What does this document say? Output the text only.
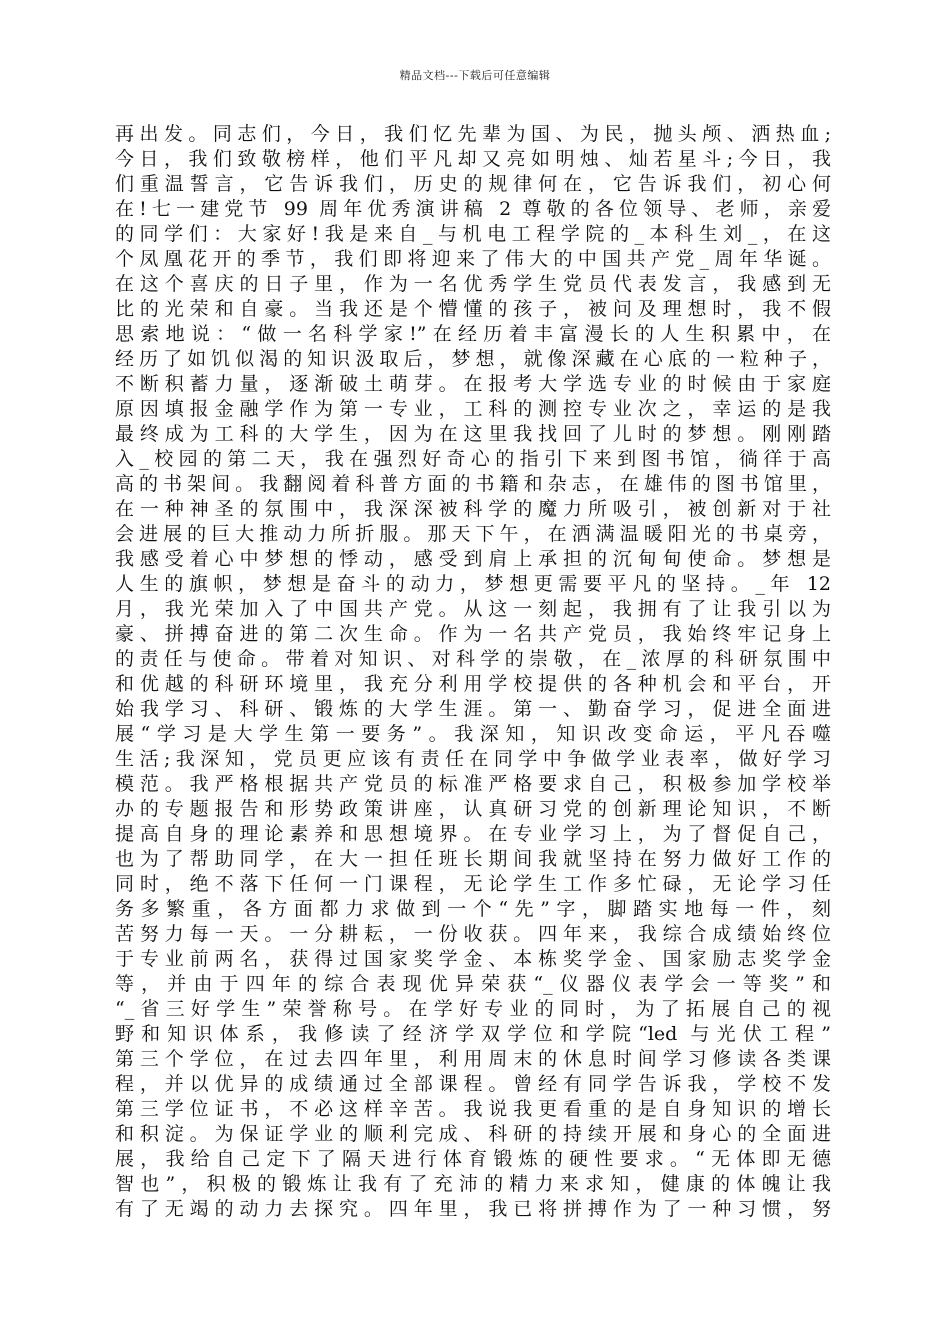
精品文档---下载后可任意编辑
再出发。同志们，今日，我们忆先辈为国、为民，抛头颅、洒热血;
今日，我们致敬榜样，他们平凡却又亮如明烛、灿若星斗;今日，我
们重温誓言，它告诉我们，历史的规律何在，它告诉我们，初心何
在!七一建党节 99 周年优秀演讲稿 2 尊敬的各位领导、老师，亲爱
的同学们：大家好!我是来自_与机电工程学院的_本科生刘_，在这
个凤凰花开的季节，我们即将迎来了伟大的中国共产党_周年华诞。
在这个喜庆的日子里，作为一名优秀学生党员代表发言，我感到无
比的光荣和自豪。当我还是个懵懂的孩子，被问及理想时，我不假
思索地说：“做一名科学家!”在经历着丰富漫长的人生积累中，在
经历了如饥似渴的知识汲取后，梦想，就像深藏在心底的一粒种子，
不断积蓄力量，逐渐破土萌芽。在报考大学选专业的时候由于家庭
原因填报金融学作为第一专业，工科的测控专业次之，幸运的是我
最终成为工科的大学生，因为在这里我找回了儿时的梦想。刚刚踏
入_校园的第二天，我在强烈好奇心的指引下来到图书馆，徜徉于高
高的书架间。我翻阅着科普方面的书籍和杂志，在雄伟的图书馆里，
在一种神圣的氛围中，我深深被科学的魔力所吸引，被创新对于社
会进展的巨大推动力所折服。那天下午，在洒满温暖阳光的书桌旁，
我感受着心中梦想的悸动，感受到肩上承担的沉甸甸使命。梦想是
人生的旗帜，梦想是奋斗的动力，梦想更需要平凡的坚持。_年 12
月，我光荣加入了中国共产党。从这一刻起，我拥有了让我引以为
豪、拼搏奋进的第二次生命。作为一名共产党员，我始终牢记身上
的责任与使命。带着对知识、对科学的崇敬，在_浓厚的科研氛围中
和优越的科研环境里，我充分利用学校提供的各种机会和平台，开
始我学习、科研、锻炼的大学生涯。第一、勤奋学习，促进全面进
展“学习是大学生第一要务”。我深知，知识改变命运，平凡吞噬
生活;我深知，党员更应该有责任在同学中争做学业表率，做好学习
模范。我严格根据共产党员的标准严格要求自己，积极参加学校举
办的专题报告和形势政策讲座，认真研习党的创新理论知识，不断
提高自身的理论素养和思想境界。在专业学习上，为了督促自己，
也为了帮助同学，在大一担任班长期间我就坚持在努力做好工作的
同时，绝不落下任何一门课程，无论学生工作多忙碌，无论学习任
务多繁重，各方面都力求做到一个“先”字，脚踏实地每一件，刻
苦努力每一天。一分耕耘，一份收获。四年来，我综合成绩始终位
于专业前两名，获得过国家奖学金、本栋奖学金、国家励志奖学金
等，并由于四年的综合表现优异荣获“_仪器仪表学会一等奖”和
“_省三好学生”荣誉称号。在学好专业的同时，为了拓展自己的视
野和知识体系，我修读了经济学双学位和学院“led 与光伏工程”
第三个学位，在过去四年里，利用周末的休息时间学习修读各类课
程，并以优异的成绩通过全部课程。曾经有同学告诉我，学校不发
第三学位证书，不必这样辛苦。我说我更看重的是自身知识的增长
和积淀。为保证学业的顺利完成、科研的持续开展和身心的全面进
展，我给自己定下了隔天进行体育锻炼的硬性要求。“无体即无德
智也”，积极的锻炼让我有了充沛的精力来求知，健康的体魄让我
有了无竭的动力去探究。四年里，我已将拼搏作为了一种习惯，努
